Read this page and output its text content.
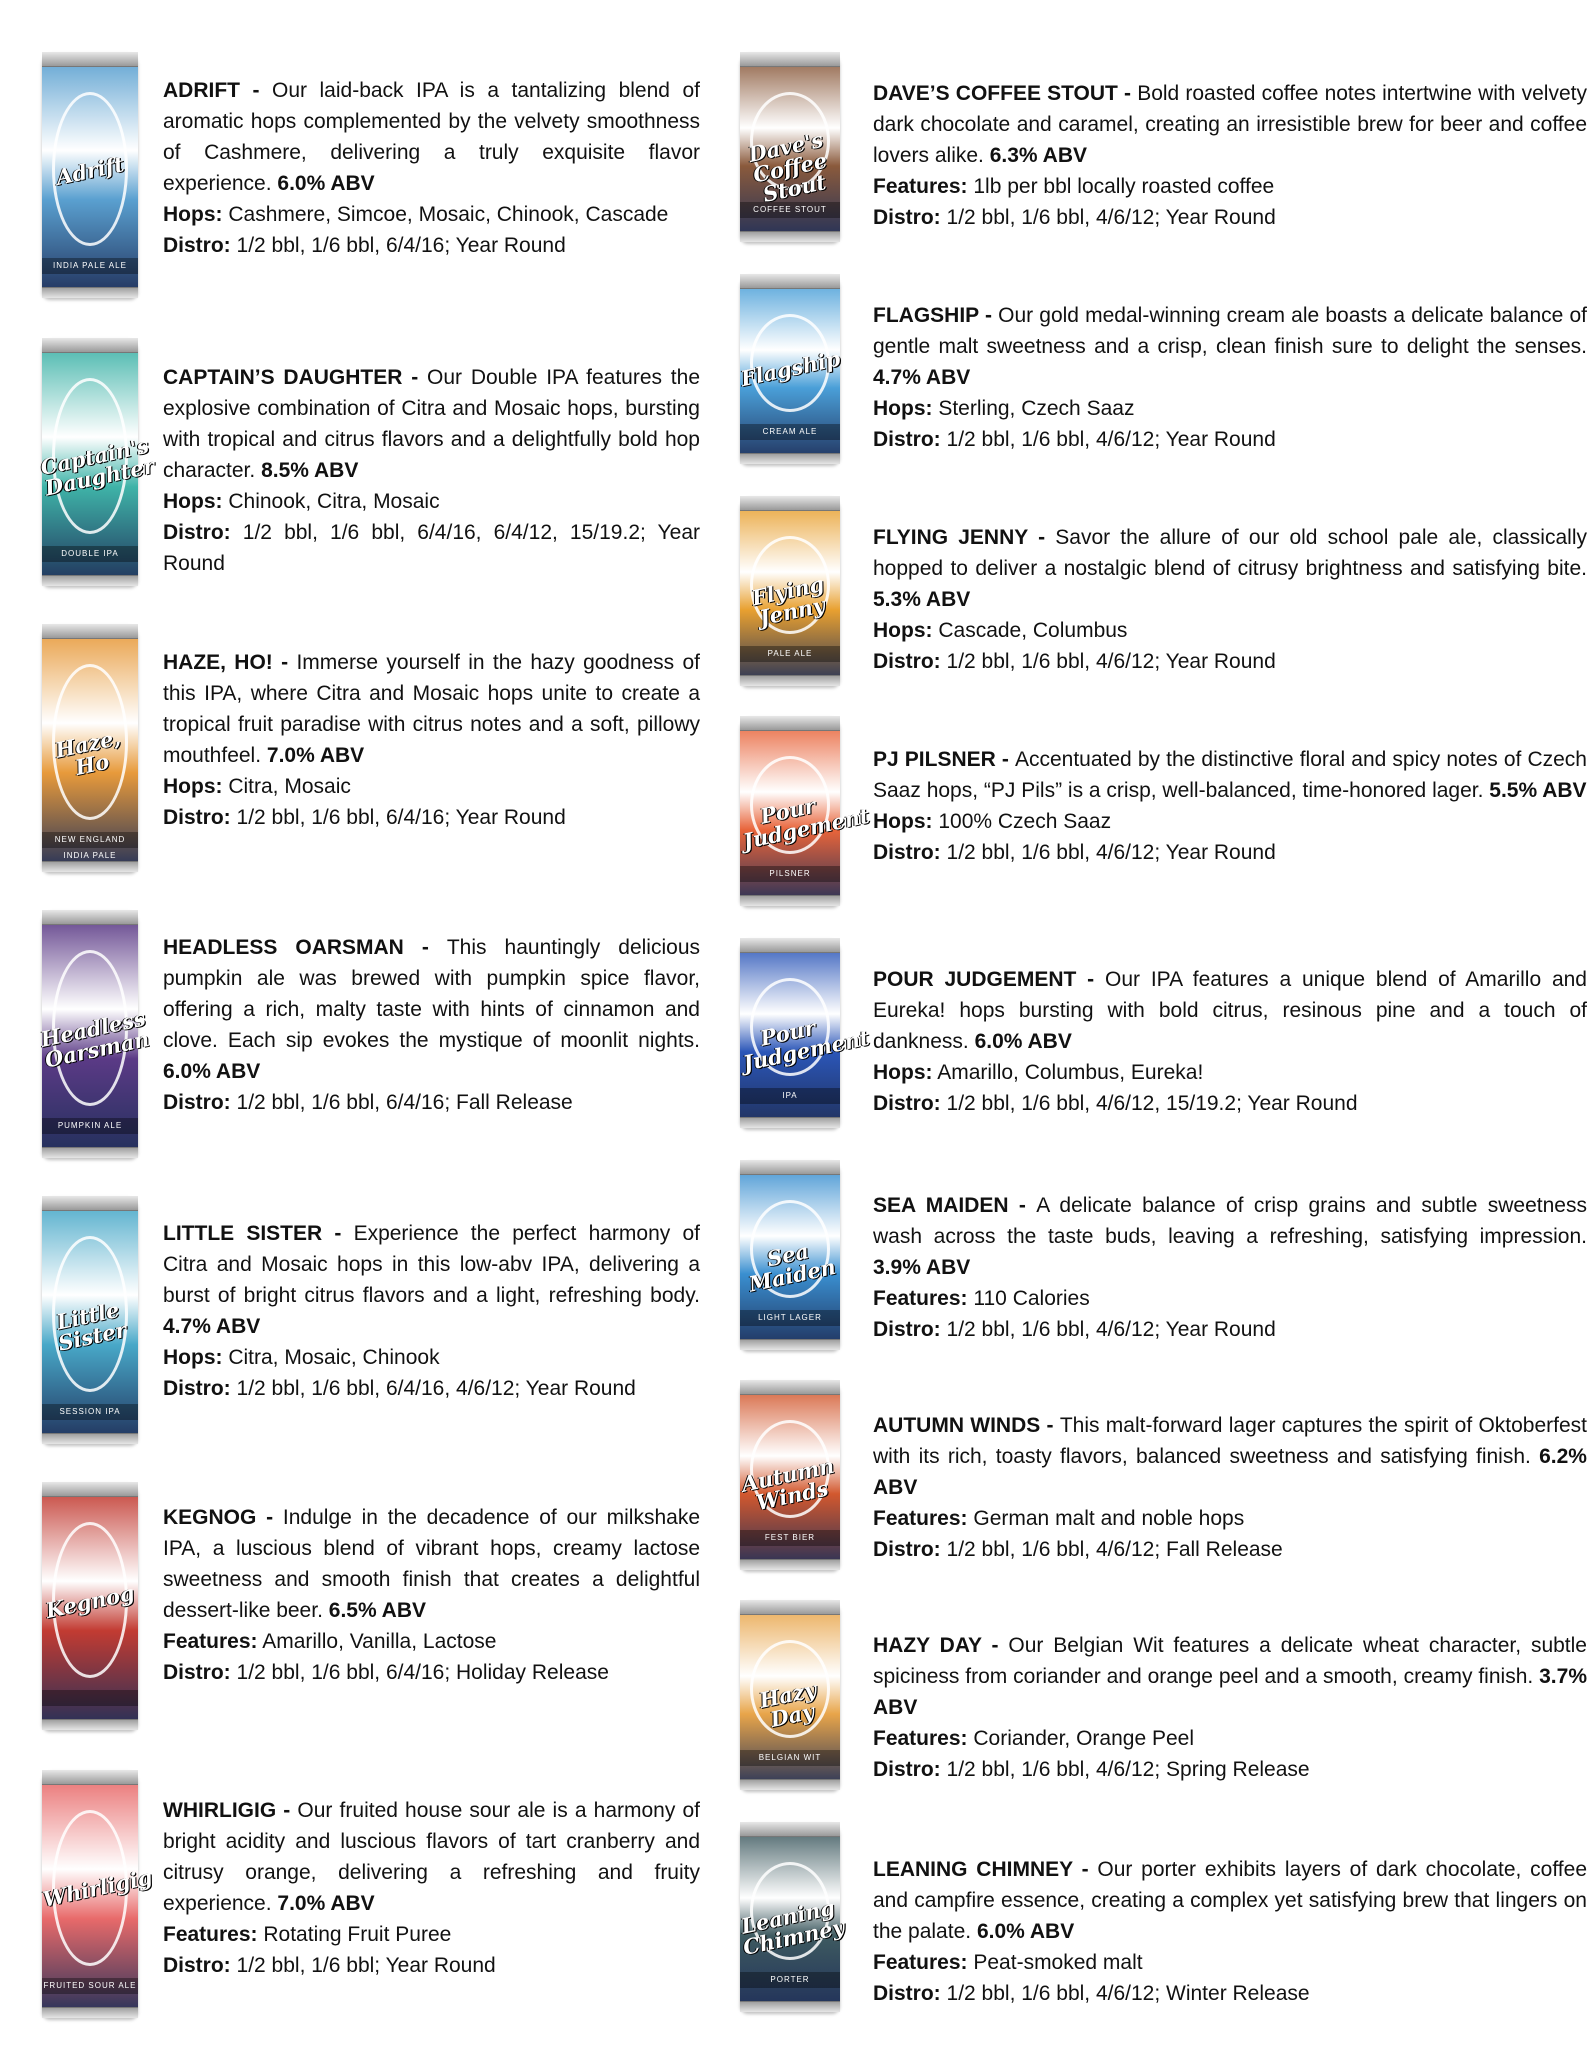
Adrift
INDIA PALE ALE

ADRIFT - Our laid-back IPA is a tantalizing blend of aromatic hops complemented by the velvety smoothness of Cashmere, delivering a truly exquisite flavor experience. 6.0% ABV

Hops: Cashmere, Simcoe, Mosaic, Chinook, Cascade

Distro: 1/2 bbl, 1/6 bbl, 6/4/16; Year Round

Captain's Daughter
DOUBLE IPA

CAPTAIN’S DAUGHTER - Our Double IPA features the explosive combination of Citra and Mosaic hops, bursting with tropical and citrus flavors and a delightfully bold hop character. 8.5% ABV

Hops: Chinook, Citra, Mosaic

Distro: 1/2 bbl, 1/6 bbl, 6/4/16, 6/4/12, 15/19.2; Year Round

Haze, Ho
NEW ENGLAND INDIA PALE

HAZE, HO! - Immerse yourself in the hazy goodness of this IPA, where Citra and Mosaic hops unite to create a tropical fruit paradise with citrus notes and a soft, pillowy mouthfeel. 7.0% ABV

Hops: Citra, Mosaic

Distro: 1/2 bbl, 1/6 bbl, 6/4/16; Year Round

Headless Oarsman
PUMPKIN ALE

HEADLESS OARSMAN - This hauntingly delicious pumpkin ale was brewed with pumpkin spice flavor, offering a rich, malty taste with hints of cinnamon and clove. Each sip evokes the mystique of moonlit nights. 6.0% ABV

Distro: 1/2 bbl, 1/6 bbl, 6/4/16; Fall Release

Little Sister
SESSION IPA

LITTLE SISTER - Experience the perfect harmony of Citra and Mosaic hops in this low-abv IPA, delivering a burst of bright citrus flavors and a light, refreshing body. 4.7% ABV

Hops: Citra, Mosaic, Chinook

Distro: 1/2 bbl, 1/6 bbl, 6/4/16, 4/6/12; Year Round

Kegnog

KEGNOG - Indulge in the decadence of our milkshake IPA, a luscious blend of vibrant hops, creamy lactose sweetness and smooth finish that creates a delightful dessert-like beer. 6.5% ABV

Features: Amarillo, Vanilla, Lactose

Distro: 1/2 bbl, 1/6 bbl, 6/4/16; Holiday Release

Whirligig
FRUITED SOUR ALE

WHIRLIGIG - Our fruited house sour ale is a harmony of bright acidity and luscious flavors of tart cranberry and citrusy orange, delivering a refreshing and fruity experience. 7.0% ABV

Features: Rotating Fruit Puree

Distro: 1/2 bbl, 1/6 bbl; Year Round

Dave's Coffee Stout
COFFEE STOUT

DAVE’S COFFEE STOUT - Bold roasted coffee notes intertwine with velvety dark chocolate and caramel, creating an irresistible brew for beer and coffee lovers alike. 6.3% ABV

Features: 1lb per bbl locally roasted coffee

Distro: 1/2 bbl, 1/6 bbl, 4/6/12; Year Round

Flagship
CREAM ALE

FLAGSHIP - Our gold medal-winning cream ale boasts a delicate balance of gentle malt sweetness and a crisp, clean finish sure to delight the senses. 4.7% ABV

Hops: Sterling, Czech Saaz

Distro: 1/2 bbl, 1/6 bbl, 4/6/12; Year Round

Flying Jenny
PALE ALE

FLYING JENNY - Savor the allure of our old school pale ale, classically hopped to deliver a nostalgic blend of citrusy brightness and satisfying bite. 5.3% ABV

Hops: Cascade, Columbus

Distro: 1/2 bbl, 1/6 bbl, 4/6/12; Year Round

Pour Judgement
PILSNER

PJ PILSNER - Accentuated by the distinctive floral and spicy notes of Czech Saaz hops, “PJ Pils” is a crisp, well-balanced, time-honored lager. 5.5% ABV

Hops: 100% Czech Saaz

Distro: 1/2 bbl, 1/6 bbl, 4/6/12; Year Round

Pour Judgement
IPA

POUR JUDGEMENT - Our IPA features a unique blend of Amarillo and Eureka! hops bursting with bold citrus, resinous pine and a touch of dankness. 6.0% ABV

Hops: Amarillo, Columbus, Eureka!

Distro: 1/2 bbl, 1/6 bbl, 4/6/12, 15/19.2; Year Round

Sea Maiden
LIGHT LAGER

SEA MAIDEN - A delicate balance of crisp grains and subtle sweetness wash across the taste buds, leaving a refreshing, satisfying impression. 3.9% ABV

Features: 110 Calories

Distro: 1/2 bbl, 1/6 bbl, 4/6/12; Year Round

Autumn Winds
FEST BIER

AUTUMN WINDS - This malt-forward lager captures the spirit of Oktoberfest with its rich, toasty flavors, balanced sweetness and satisfying finish. 6.2% ABV

Features: German malt and noble hops

Distro: 1/2 bbl, 1/6 bbl, 4/6/12; Fall Release

Hazy Day
BELGIAN WIT

HAZY DAY - Our Belgian Wit features a delicate wheat character, subtle spiciness from coriander and orange peel and a smooth, creamy finish. 3.7% ABV

Features: Coriander, Orange Peel

Distro: 1/2 bbl, 1/6 bbl, 4/6/12; Spring Release

Leaning Chimney
PORTER

LEANING CHIMNEY - Our porter exhibits layers of dark chocolate, coffee and campfire essence, creating a complex yet satisfying brew that lingers on the palate. 6.0% ABV

Features: Peat-smoked malt

Distro: 1/2 bbl, 1/6 bbl, 4/6/12; Winter Release
